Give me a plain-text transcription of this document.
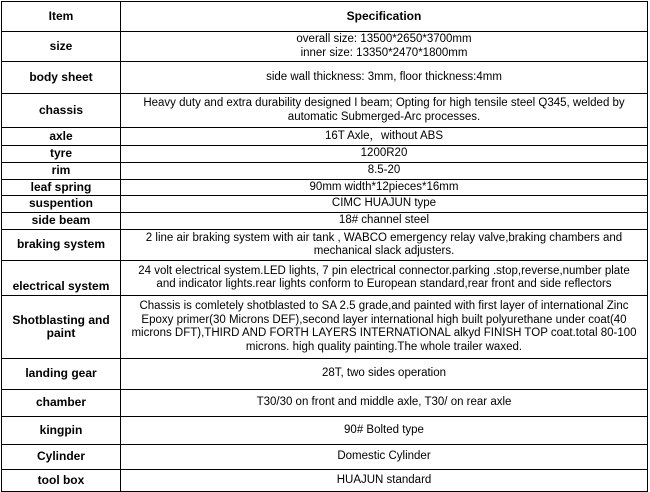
Item	Specification

size	overall size: 13500*2650*3700mm
inner size: 13350*2470*1800mm

body sheet	side wall thickness: 3mm, floor thickness:4mm

chassis	Heavy duty and extra durability designed I beam; Opting for high tensile steel Q345, welded by
automatic Submerged-Arc processes.

axle	16T Axle，without ABS

tyre	1200R20

rim	8.5-20

leaf spring	90mm width*12pieces*16mm

suspention	CIMC HUAJUN type

side beam	18# channel steel

braking system	2 line air braking system with air tank , WABCO emergency relay valve,braking chambers and
mechanical slack adjusters.

electrical system	24 volt electrical system.LED lights, 7 pin electrical connector.parking .stop,reverse,number plate
and indicator lights.rear lights conform to European standard,rear front and side reflectors

Shotblasting and
paint	Chassis is comletely shotblasted to SA 2.5 grade,and painted with first layer of international Zinc
Epoxy primer(30 Microns DEF),second layer international high built polyurethane under coat(40
microns DFT),THIRD AND FORTH LAYERS INTERNATIONAL alkyd FINISH TOP coat.total 80-100
microns. high quality painting.The whole trailer waxed.

landing gear	28T, two sides operation

chamber	T30/30 on front and middle axle, T30/ on rear axle

kingpin	90# Bolted type

Cylinder	Domestic Cylinder

tool box	HUAJUN standard
